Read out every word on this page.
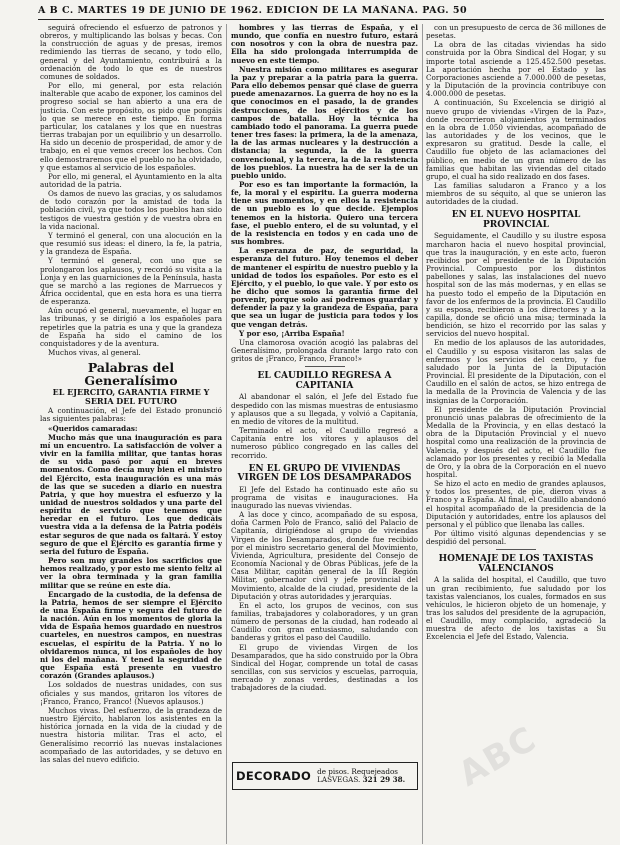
A B C. MARTES 19 DE JUNIO DE 1962. EDICION DE LA MAÑANA. PAG. 50

seguirá ofreciendo el esfuerzo de patronos y obreros, y multiplicando las bolsas y becas. Con la construcción de aguas y de presas, iremos redimiendo las tierras de secano, y todo ello, general y del Ayuntamiento, contribuirá a la ordenación de todo lo que es de nuestros comunes de soldados.

Por ello, mi general, por esta relación inalterable que acabo de exponer, los caminos del progreso social se han abierto a una era de justicia. Con este propósito, os pido que pongáis lo que se merece en este tiempo. En forma particular, los catalanes y los que en nuestras tierras trabajan por un equilibrio y un desarrollo. Ha sido un decenio de prosperidad, de amor y de trabajo, en el que vemos crecer los hechos. Con ello demostraremos que el pueblo no ha olvidado, y que estamos al servicio de los españoles.

Por ello, mi general, el Ayuntamiento en la alta autoridad de la patria.

Os damos de nuevo las gracias, y os saludamos de todo corazón por la amistad de toda la población civil, ya que todos los pueblos han sido testigos de vuestra gestión y de vuestra obra en la vida nacional.

Y terminó el general, con una alocución en la que resumió sus ideas: el dinero, la fe, la patria, y la grandeza de España.

Y terminó el general, con uno que se prolongaron los aplausos, y recordó su visita a la Lonja y en las guarniciones de la Península, hasta que se marchó a las regiones de Marruecos y África occidental, que en esta hora es una tierra de esperanza.

Aún ocupó el general, nuevamente, el lugar en las tribunas, y se dirigió a los españoles para repetirles que la patria es una y que la grandeza de España ha sido el camino de los conquistadores y de la aventura.

Muchos vivas, al general.

Palabras del Generalísimo
EL EJERCITO, GARANTIA FIRME Y SERIA DEL FUTURO

A continuación, el Jefe del Estado pronunció las siguientes palabras:

«Queridos camaradas:

Mucho más que una inauguración es para mí un encuentro. La satisfacción de volver a vivir en la familia militar, que tantas horas de su vida pasó por aquí en breves momentos. Como decía muy bien el ministro del Ejército, esta inauguración es una más de las que se suceden a diario en nuestra Patria, y que hoy muestra el esfuerzo y la unidad de nuestros soldados y una parte del espíritu de servicio que tenemos que heredar en el futuro. Los que dedicáis vuestra vida a la defensa de la Patria podéis estar seguros de que nada os faltará. Y estoy seguro de que el Ejército es garantía firme y seria del futuro de España.

Pero son muy grandes los sacrificios que hemos realizado, y por esto me siento feliz al ver la obra terminada y la gran familia militar que se reúne en este día.

Encargado de la custodia, de la defensa de la Patria, hemos de ser siempre el Ejército de una España firme y segura del futuro de la nación. Aún en los momentos de gloria la vida de España hemos guardado en nuestros cuarteles, en nuestros campos, en nuestras escuelas, el espíritu de la Patria. Y no lo olvidaremos nunca, ni los españoles de hoy ni los del mañana. Y tened la seguridad de que España está presente en vuestro corazón (Grandes aplausos.)

Los soldados de nuestras unidades, con sus oficiales y sus mandos, gritaron los vítores de ¡Franco, Franco, Franco! (Nuevos aplausos.)

Muchos vivas. Del esfuerzo, de la grandeza de nuestro Ejército, hablaron los asistentes en la histórica jornada en la vida de la ciudad y de nuestra historia militar. Tras el acto, el Generalísimo recorrió las nuevas instalaciones acompañado de las autoridades, y se detuvo en las salas del nuevo edificio.

hombres y las tierras de España, y el mundo, que confía en nuestro futuro, estará con nosotros y con la obra de nuestra paz. Ella ha sido prolongada interrumpida de nuevo en este tiempo.

Nuestra misión como militares es asegurar la paz y preparar a la patria para la guerra. Para ello debemos pensar qué clase de guerra puede amenazarnos. La guerra de hoy no es la que conocimos en el pasado, la de grandes destrucciones, de los ejércitos y de los campos de batalla. Hoy la técnica ha cambiado todo el panorama. La guerra puede tener tres fases: la primera, la de la amenaza, la de las armas nucleares y la destrucción a distancia; la segunda, la de la guerra convencional, y la tercera, la de la resistencia de los pueblos. La nuestra ha de ser la de un pueblo unido.

Por eso es tan importante la formación, la fe, la moral y el espíritu. La guerra moderna tiene sus momentos, y en ellos la resistencia de un pueblo es lo que decide. Ejemplos tenemos en la historia. Quiero una tercera fase, el pueblo entero, el de su voluntad, y el de la resistencia en todos y en cada uno de sus hombres.

La esperanza de paz, de seguridad, la esperanza del futuro. Hoy tenemos el deber de mantener el espíritu de nuestro pueblo y la unidad de todos los españoles. Por esto es el Ejército, y el pueblo, lo que vale. Y por esto os he dicho que somos la garantía firme del porvenir, porque solo así podremos guardar y defender la paz y la grandeza de España, para que sea un lugar de justicia para todos y los que vengan detrás.

Y por eso, ¡Arriba España!

Una clamorosa ovación acogió las palabras del Generalísimo, prolongada durante largo rato con gritos de ¡Franco, Franco, Franco!»

EL CAUDILLO REGRESA A CAPITANIA

Al abandonar el salón, el Jefe del Estado fue despedido con las mismas muestras de entusiasmo y aplausos que a su llegada, y volvió a Capitanía, en medio de vítores de la multitud.

Terminado el acto, el Caudillo regresó a Capitanía entre los vítores y aplausos del numeroso público congregado en las calles del recorrido.

EN EL GRUPO DE VIVIENDAS VIRGEN DE LOS DESAMPARADOS

El Jefe del Estado ha continuado este año su programa de visitas e inauguraciones. Ha inaugurado las nuevas viviendas.

A las doce y cinco, acompañado de su esposa, doña Carmen Polo de Franco, salió del Palacio de Capitanía, dirigiéndose al grupo de viviendas Virgen de los Desamparados, donde fue recibido por el ministro secretario general del Movimiento, Vivienda, Agricultura, presidente del Consejo de Economía Nacional y de Obras Públicas, jefe de la Casa Militar, capitán general de la III Región Militar, gobernador civil y jefe provincial del Movimiento, alcalde de la ciudad, presidente de la Diputación y otras autoridades y jerarquías.

En el acto, los grupos de vecinos, con sus familias, trabajadores y colaboradores, y un gran número de personas de la ciudad, han rodeado al Caudillo con gran entusiasmo, saludando con banderas y gritos el paso del Caudillo.

El grupo de viviendas Virgen de los Desamparados, que ha sido construido por la Obra Sindical del Hogar, comprende un total de casas sencillas, con sus servicios y escuelas, parroquia, mercado y zonas verdes, destinadas a los trabajadores de la ciudad.

DECORADO de pisos. Requejeados
LASVEGAS. 321 29 38.

con un presupuesto de cerca de 36 millones de pesetas.

La obra de las citadas viviendas ha sido construida por la Obra Sindical del Hogar, y su importe total asciende a 125.452.500 pesetas. La aportación hecha por el Estado y las Corporaciones asciende a 7.000.000 de pesetas, y la Diputación de la provincia contribuye con 4.000.000 de pesetas.

A continuación, Su Excelencia se dirigió al nuevo grupo de viviendas «Virgen de la Paz», donde recorrieron alojamientos ya terminados en la obra de 1.050 viviendas, acompañado de las autoridades y de los vecinos, que le expresaron su gratitud. Desde la calle, el Caudillo fue objeto de las aclamaciones del público, en medio de un gran número de las familias que habitan las viviendas del citado grupo, el cual ha sido realizado en dos fases.

Las familias saludaron a Franco y a los miembros de su séquito, al que se unieron las autoridades de la ciudad.

EN EL NUEVO HOSPITAL PROVINCIAL

Seguidamente, el Caudillo y su ilustre esposa marcharon hacia el nuevo hospital provincial, que tras la inauguración, y en este acto, fueron recibidos por el presidente de la Diputación Provincial. Compuesto por los distintos pabellones y salas, las instalaciones del nuevo hospital son de las más modernas, y en ellas se ha puesto todo el empeño de la Diputación en favor de los enfermos de la provincia. El Caudillo y su esposa, recibieron a los directores y a la capilla, donde se ofició una misa; terminada la bendición, se hizo el recorrido por las salas y servicios del nuevo hospital.

En medio de los aplausos de las autoridades, el Caudillo y su esposa visitaron las salas de enfermos y los servicios del centro, y fue saludado por la Junta de la Diputación Provincial. El presidente de la Diputación, con el Caudillo en el salón de actos, se hizo entrega de la medalla de la Provincia de Valencia y de las insignias de la Corporación.

El presidente de la Diputación Provincial pronunció unas palabras de ofrecimiento de la Medalla de la Provincia, y en ellas destacó la obra de la Diputación Provincial y el nuevo hospital como una realización de la provincia de Valencia, y después del acto, el Caudillo fue aclamado por los presentes y recibió la Medalla de Oro, y la obra de la Corporación en el nuevo hospital.

Se hizo el acto en medio de grandes aplausos, y todos los presentes, de pie, dieron vivas a Franco y a España. Al final, el Caudillo abandonó el hospital acompañado de la presidencia de la Diputación y autoridades, entre los aplausos del personal y el público que llenaba las calles.

Por último visitó algunas dependencias y se despidió del personal.

HOMENAJE DE LOS TAXISTAS VALENCIANOS

A la salida del hospital, el Caudillo, que tuvo un gran recibimiento, fue saludado por los taxistas valencianos, los cuales, formados en sus vehículos, le hicieron objeto de un homenaje, y tras los saludos del presidente de la agrupación, el Caudillo, muy complacido, agradeció la muestra de afecto de los taxistas a Su Excelencia el Jefe del Estado, Valencia.

ABC
